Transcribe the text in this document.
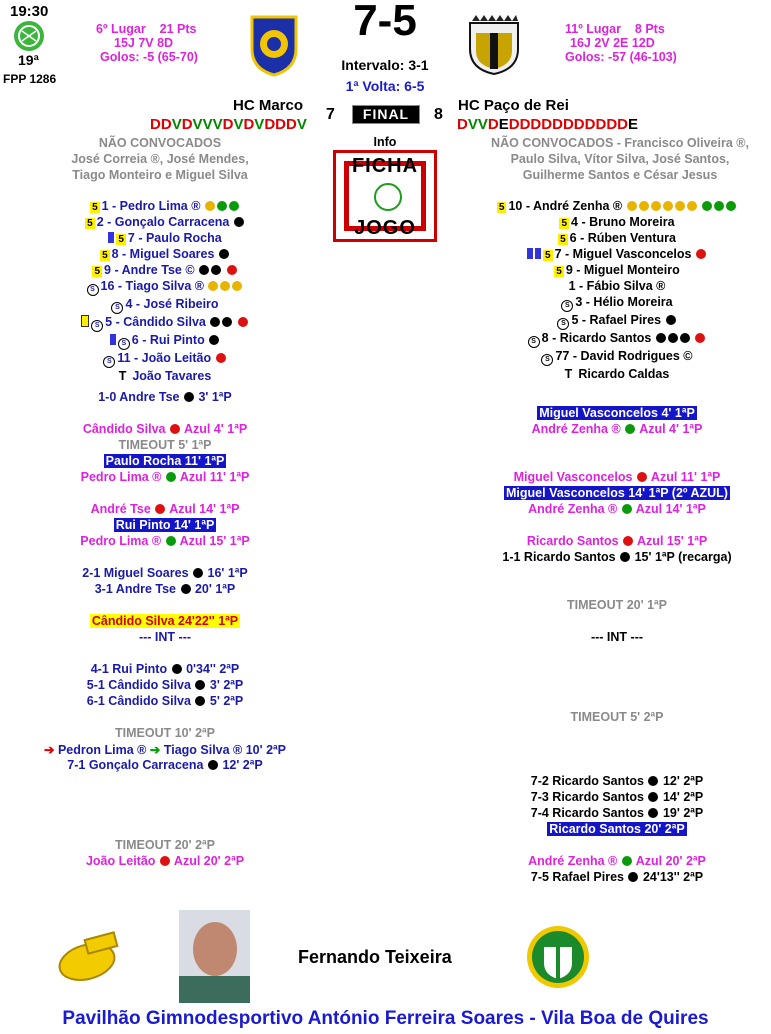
19:30
19ª
FPP 1286
6º Lugar 21 Pts
15J 7V 8D
Golos: -5 (65-70)
7-5
Intervalo: 3-1
1ª Volta: 6-5
11º Lugar 8 Pts
16J 2V 2E 12D
Golos: -57 (46-103)
HC Marco
7	FINAL	8
HC Paço de Rei
DDVDVVVDVDVDDDV	DVVDEDDDDDDDDDDDE
NÃO CONVOCADOS
José Correia ®, José Mendes,
Tiago Monteiro e Miguel Silva
NÃO CONVOCADOS - Francisco Oliveira ®,
Paulo Silva, Vítor Silva, José Santos,
Guilherme Santos e César Jesus
Info
FICHA
JOGO
5 1 - Pedro Lima ®
5 2 - Gonçalo Carracena
5 7 - Paulo Rocha
5 8 - Miguel Soares
5 9 - Andre Tse ©
S 16 - Tiago Silva ®
S 4 - José Ribeiro
S 5 - Cândido Silva
S 6 - Rui Pinto
S 11 - João Leitão
T João Tavares
5 10 - André Zenha ®
5 4 - Bruno Moreira
5 6 - Rúben Ventura
5 7 - Miguel Vasconcelos
5 9 - Miguel Monteiro
1 - Fábio Silva ®
S 3 - Hélio Moreira
S 5 - Rafael Pires
S 8 - Ricardo Santos
S 77 - David Rodrigues ©
T Ricardo Caldas
1-0 Andre Tse 3' 1ªP
Cândido Silva Azul 4' 1ªP
TIMEOUT 5' 1ªP
Paulo Rocha 11' 1ªP
Pedro Lima ® Azul 11' 1ªP
André Tse Azul 14' 1ªP
Rui Pinto 14' 1ªP
Pedro Lima ® Azul 15' 1ªP
2-1 Miguel Soares 16' 1ªP
3-1 Andre Tse 20' 1ªP
Cândido Silva 24'22'' 1ªP
--- INT ---
4-1 Rui Pinto 0'34'' 2ªP
5-1 Cândido Silva 3' 2ªP
6-1 Cândido Silva 5' 2ªP
TIMEOUT 10' 2ªP
➔ Pedron Lima ® ➔ Tiago Silva ® 10' 2ªP
7-1 Gonçalo Carracena 12' 2ªP
TIMEOUT 20' 2ªP
João Leitão Azul 20' 2ªP
Miguel Vasconcelos 4' 1ªP
André Zenha ® Azul 4' 1ªP
Miguel Vasconcelos Azul 11' 1ªP
Miguel Vasconcelos 14' 1ªP (2º AZUL)
André Zenha ® Azul 14' 1ªP
Ricardo Santos Azul 15' 1ªP
1-1 Ricardo Santos 15' 1ªP (recarga)
TIMEOUT 20' 1ªP
--- INT ---
TIMEOUT 5' 2ªP
7-2 Ricardo Santos 12' 2ªP
7-3 Ricardo Santos 14' 2ªP
7-4 Ricardo Santos 19' 2ªP
Ricardo Santos 20' 2ªP
André Zenha ® Azul 20' 2ªP
7-5 Rafael Pires 24'13'' 2ªP
Fernando Teixeira
Pavilhão Gimnodesportivo António Ferreira Soares - Vila Boa de Quires
